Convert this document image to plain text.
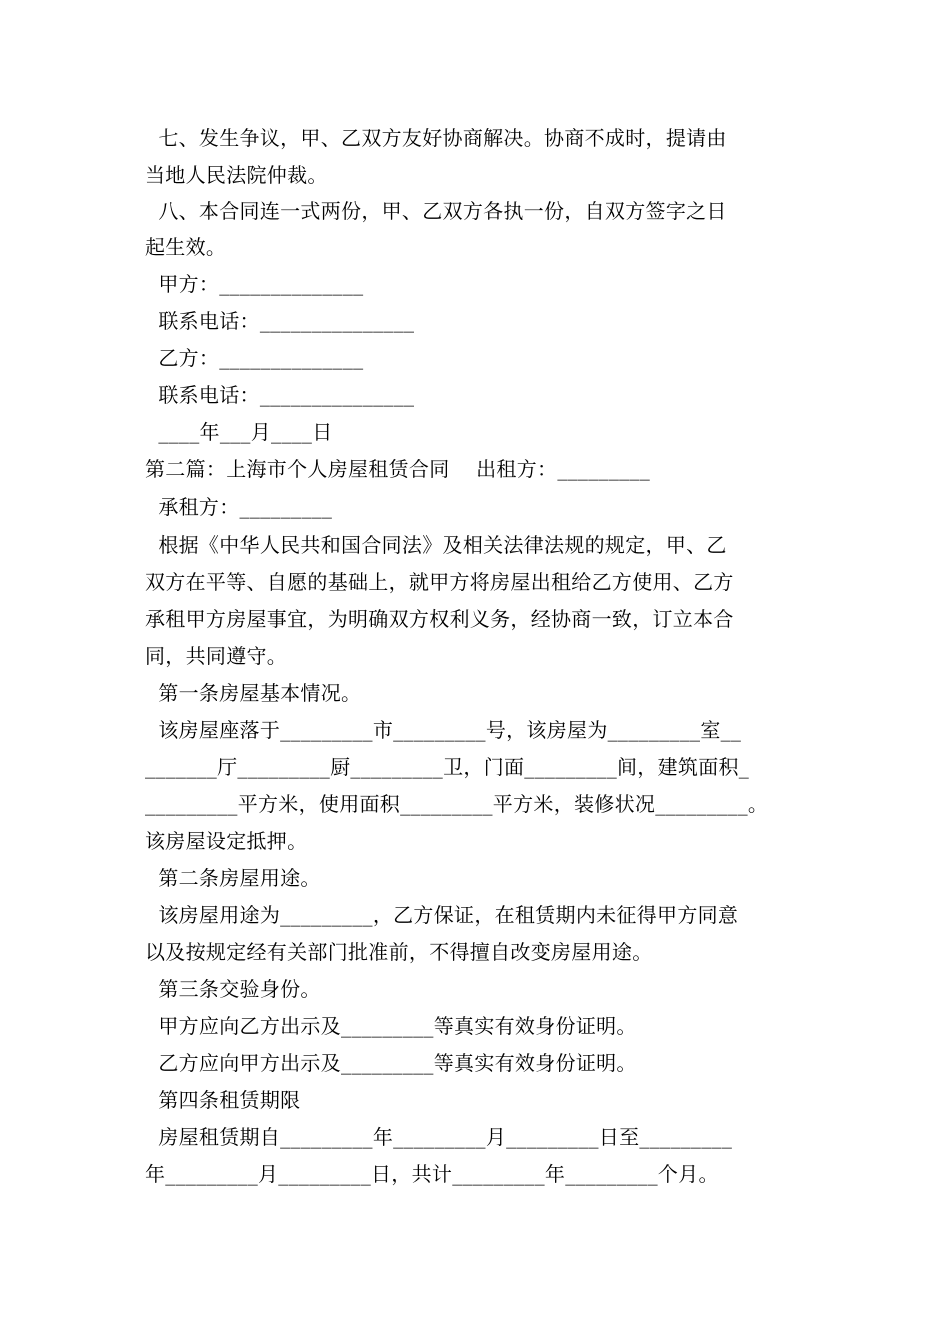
七、发生争议，甲、乙双方友好协商解决。协商不成时，提请由
当地人民法院仲裁。
八、本合同连一式两份，甲、乙双方各执一份，自双方签字之日
起生效。
甲方：______________
联系电话：_______________
乙方：______________
联系电话：_______________
____年___月____日
第二篇：上海市个人房屋租赁合同    出租方：_________
承租方：_________
根据《中华人民共和国合同法》及相关法律法规的规定，甲、乙
双方在平等、自愿的基础上，就甲方将房屋出租给乙方使用、乙方
承租甲方房屋事宜，为明确双方权利义务，经协商一致，订立本合
同，共同遵守。
第一条房屋基本情况。
该房屋座落于_________市_________号，该房屋为_________室__
_______厅_________厨_________卫，门面_________间，建筑面积_
_________平方米，使用面积_________平方米，装修状况_________。
该房屋设定抵押。
第二条房屋用途。
该房屋用途为_________，乙方保证，在租赁期内未征得甲方同意
以及按规定经有关部门批准前，不得擅自改变房屋用途。
第三条交验身份。
甲方应向乙方出示及_________等真实有效身份证明。
乙方应向甲方出示及_________等真实有效身份证明。
第四条租赁期限
房屋租赁期自_________年_________月_________日至_________
年_________月_________日，共计_________年_________个月。
